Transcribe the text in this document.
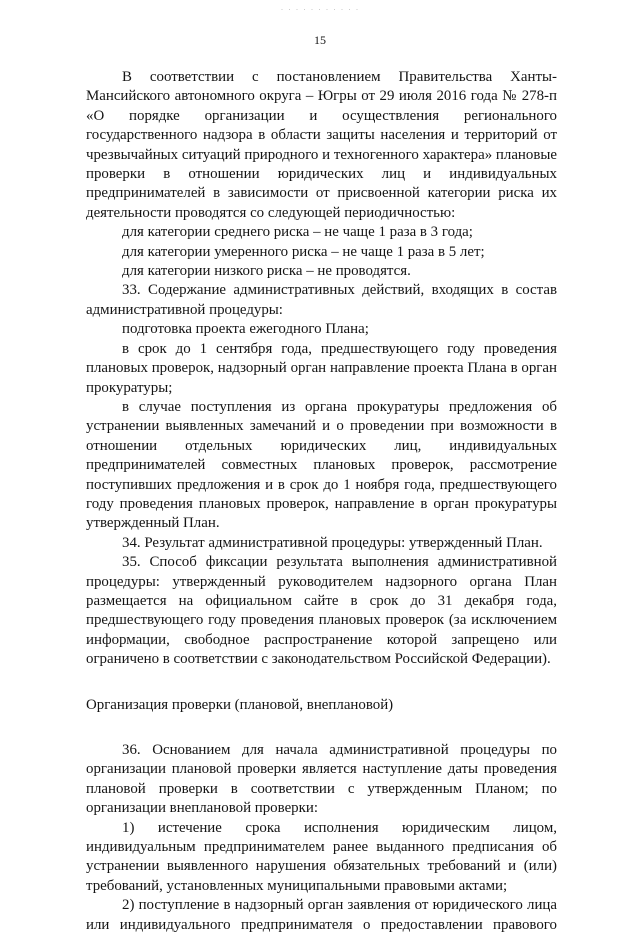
· · · · · · · · · · ·
15

В соответствии с постановлением Правительства Ханты-Мансийского автономного округа – Югры от 29 июля 2016 года № 278-п «О порядке организации и осуществления регионального государственного надзора в области защиты населения и территорий от чрезвычайных ситуаций природного и техногенного характера» плановые проверки в отношении юридических лиц и индивидуальных предпринимателей в зависимости от присвоенной категории риска их деятельности проводятся со следующей периодичностью:

для категории среднего риска – не чаще 1 раза в 3 года;

для категории умеренного риска – не чаще 1 раза в 5 лет;

для категории низкого риска – не проводятся.

33. Содержание административных действий, входящих в состав административной процедуры:

подготовка проекта ежегодного Плана;

в срок до 1 сентября года, предшествующего году проведения плановых проверок, надзорный орган направление проекта Плана в орган прокуратуры;

в случае поступления из органа прокуратуры предложения об устранении выявленных замечаний и о проведении при возможности в отношении отдельных юридических лиц, индивидуальных предпринимателей совместных плановых проверок, рассмотрение поступивших предложения и в срок до 1 ноября года, предшествующего году проведения плановых проверок, направление в орган прокуратуры утвержденный План.

34. Результат административной процедуры: утвержденный План.

35. Способ фиксации результата выполнения административной процедуры: утвержденный руководителем надзорного органа План размещается на официальном сайте в срок до 31 декабря года, предшествующего году проведения плановых проверок (за исключением информации, свободное распространение которой запрещено или ограничено в соответствии с законодательством Российской Федерации).

Организация проверки (плановой, внеплановой)

36. Основанием для начала административной процедуры по организации плановой проверки является наступление даты проведения плановой проверки в соответствии с утвержденным Планом; по организации внеплановой проверки:

1) истечение срока исполнения юридическим лицом, индивидуальным предпринимателем ранее выданного предписания об устранении выявленного нарушения обязательных требований и (или) требований, установленных муниципальными правовыми актами;

2) поступление в надзорный орган заявления от юридического лица или индивидуального предпринимателя о предоставлении правового
